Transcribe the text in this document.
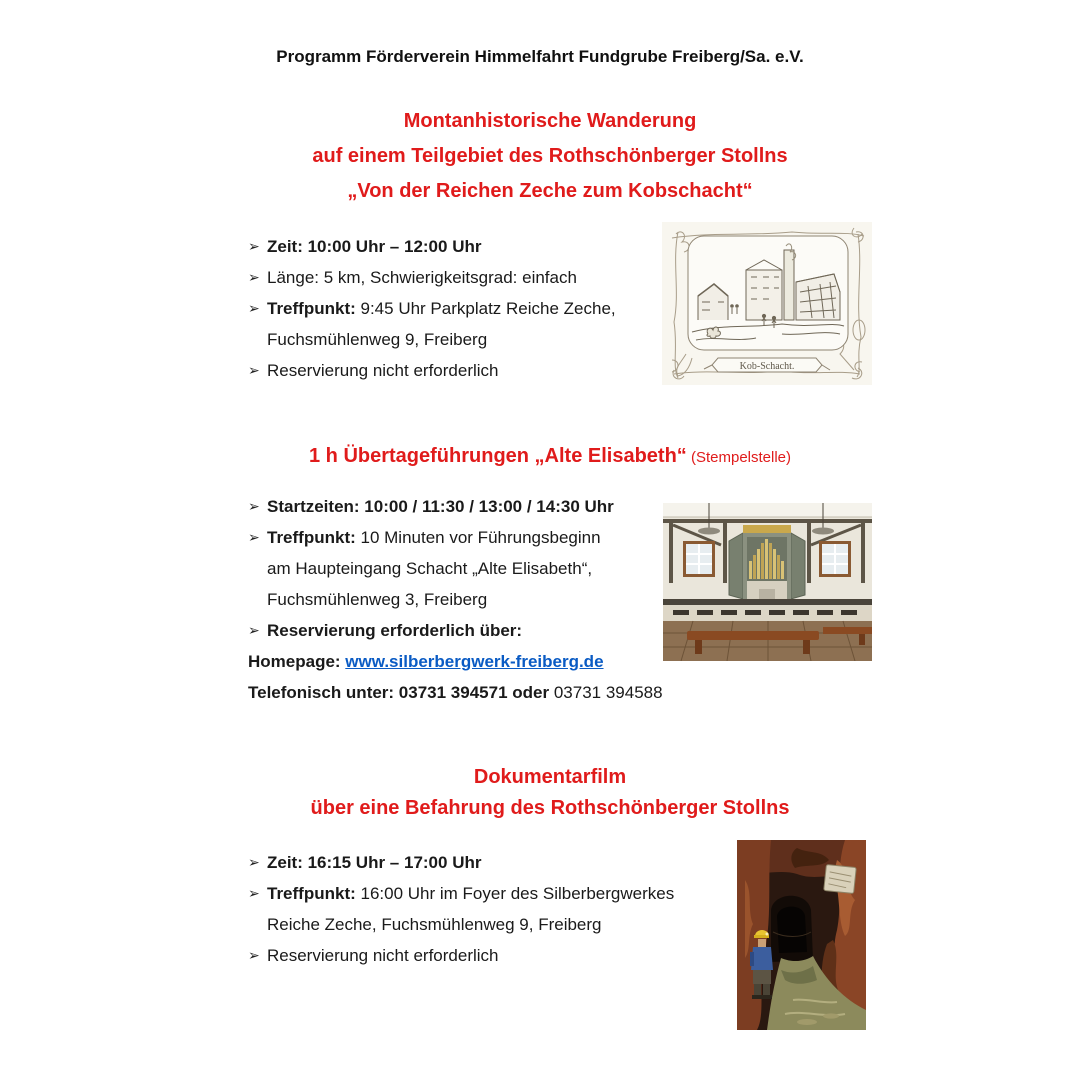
Programm Förderverein Himmelfahrt Fundgrube Freiberg/Sa. e.V.
Montanhistorische Wanderung
auf einem Teilgebiet des Rothschönberger Stollns
„Von der Reichen Zeche zum Kobschacht“
➢ Zeit: 10:00 Uhr – 12:00 Uhr
➢ Länge: 5 km, Schwierigkeitsgrad: einfach
➢ Treffpunkt: 9:45 Uhr Parkplatz Reiche Zeche,
Fuchsmühlenweg 9, Freiberg
➢ Reservierung nicht erforderlich	Kob-Schacht.
1 h Übertageführungen „Alte Elisabeth“ (Stempelstelle)
➢ Startzeiten: 10:00 / 11:30 / 13:00 / 14:30 Uhr
➢ Treffpunkt: 10 Minuten vor Führungsbeginn
am Haupteingang Schacht „Alte Elisabeth“,
Fuchsmühlenweg 3, Freiberg
➢ Reservierung erforderlich über:
Homepage: www.silberbergwerk-freiberg.de
Telefonisch unter: 03731 394571 oder 03731 394588
Dokumentarfilm
über eine Befahrung des Rothschönberger Stollns
➢ Zeit: 16:15 Uhr – 17:00 Uhr
➢ Treffpunkt: 16:00 Uhr im Foyer des Silberbergwerkes
Reiche Zeche, Fuchsmühlenweg 9, Freiberg
➢ Reservierung nicht erforderlich
